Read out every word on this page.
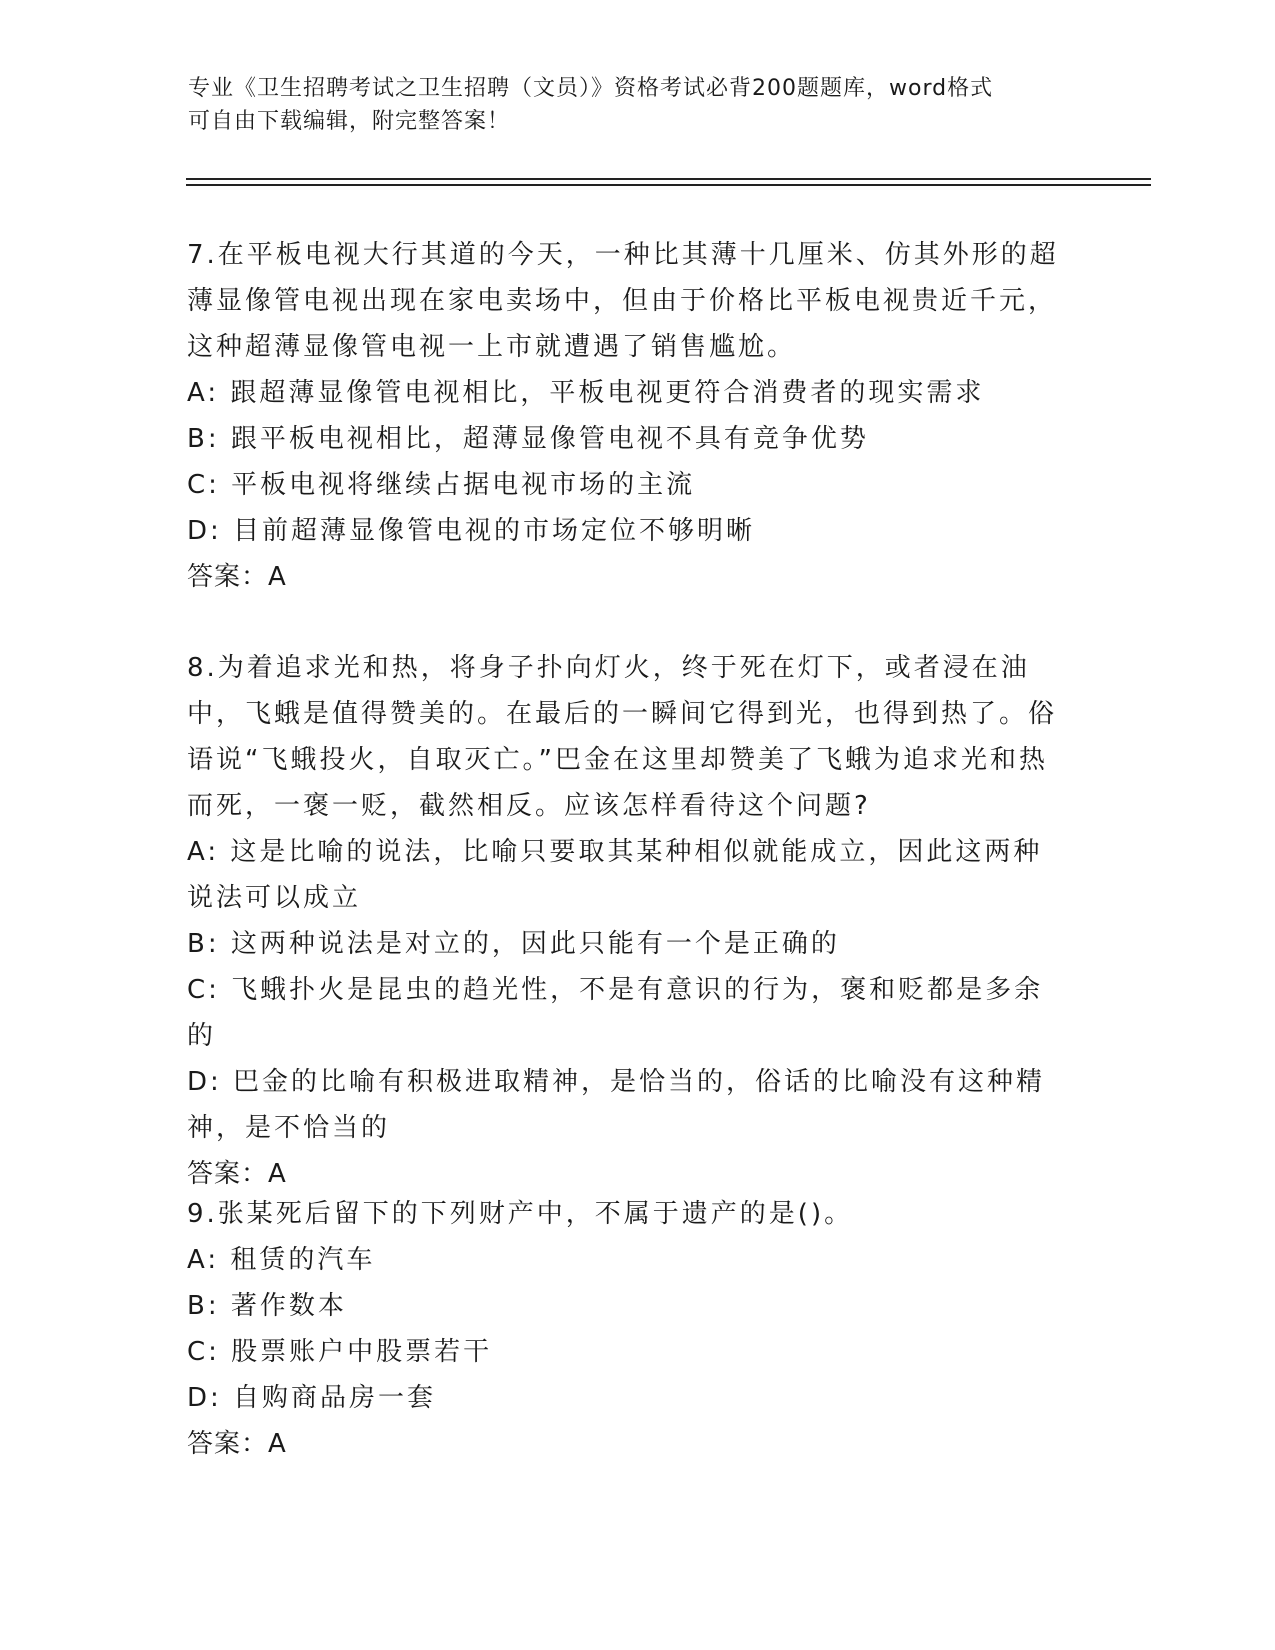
专业《卫生招聘考试之卫生招聘（文员）》资格考试必背200题题库，word格式
可自由下载编辑，附完整答案！
7.在平板电视大行其道的今天，一种比其薄十几厘米、仿其外形的超薄显像管电视出现在家电卖场中，但由于价格比平板电视贵近千元，这种超薄显像管电视一上市就遭遇了销售尴尬。
A: 跟超薄显像管电视相比，平板电视更符合消费者的现实需求
B: 跟平板电视相比，超薄显像管电视不具有竞争优势
C: 平板电视将继续占据电视市场的主流
D: 目前超薄显像管电视的市场定位不够明晰
答案：A
8.为着追求光和热，将身子扑向灯火，终于死在灯下，或者浸在油中，飞蛾是值得赞美的。在最后的一瞬间它得到光，也得到热了。俗语说“飞蛾投火，自取灭亡。”巴金在这里却赞美了飞蛾为追求光和热而死，一褒一贬，截然相反。应该怎样看待这个问题?
A: 这是比喻的说法，比喻只要取其某种相似就能成立，因此这两种说法可以成立
B: 这两种说法是对立的，因此只能有一个是正确的
C: 飞蛾扑火是昆虫的趋光性，不是有意识的行为，褒和贬都是多余的
D: 巴金的比喻有积极进取精神，是恰当的，俗话的比喻没有这种精神，是不恰当的
答案：A
9.张某死后留下的下列财产中，不属于遗产的是()。
A: 租赁的汽车
B: 著作数本
C: 股票账户中股票若干
D: 自购商品房一套
答案：A
